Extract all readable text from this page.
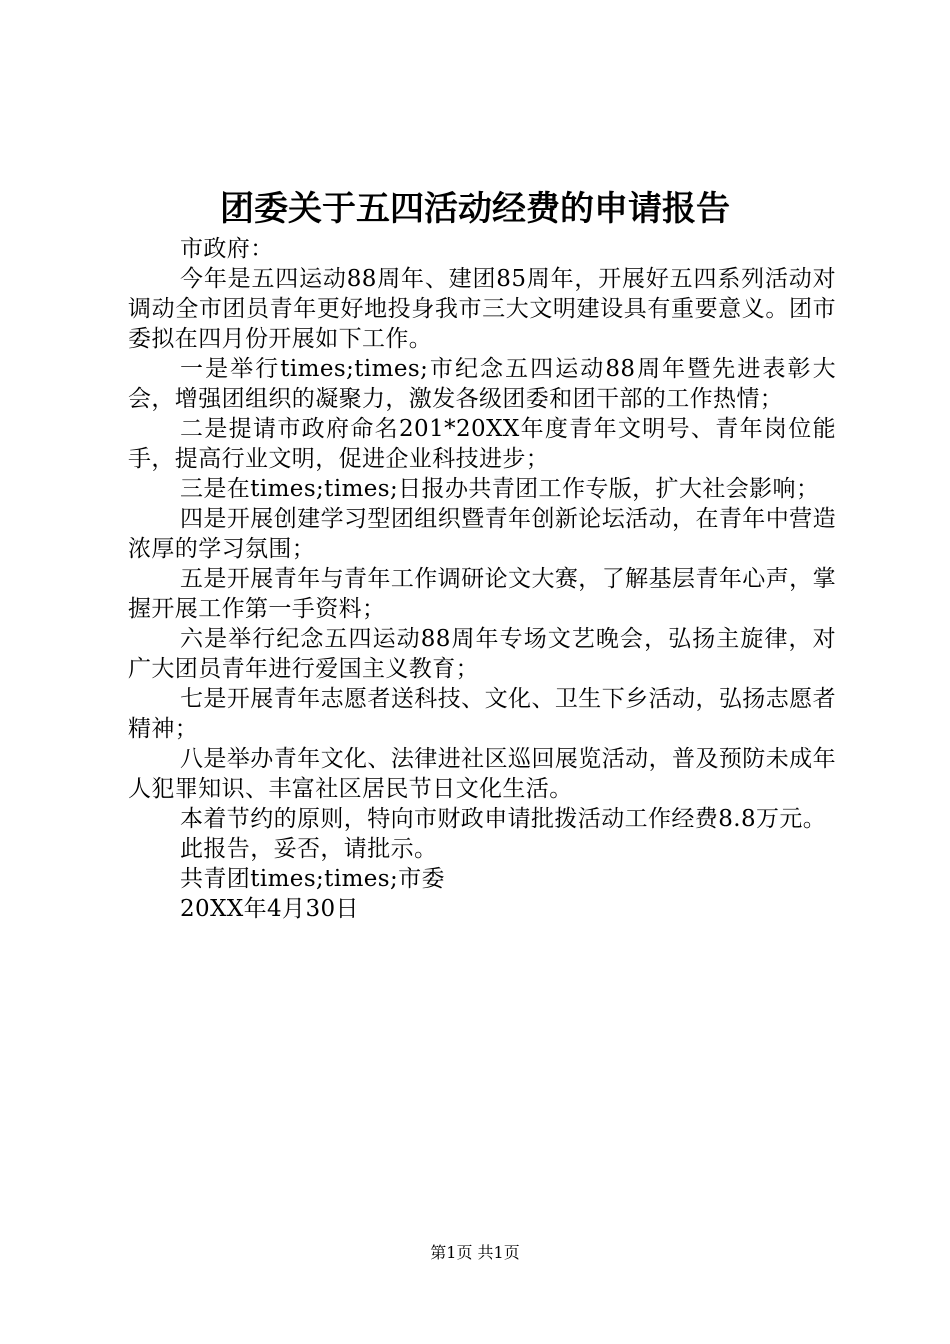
团委关于五四活动经费的申请报告

市政府：

今年是五四运动88周年、建团85周年，开展好五四系列活动对调动全市团员青年更好地投身我市三大文明建设具有重要意义。团市委拟在四月份开展如下工作。

一是举行times;times;市纪念五四运动88周年暨先进表彰大会，增强团组织的凝聚力，激发各级团委和团干部的工作热情；

二是提请市政府命名201*20XX年度青年文明号、青年岗位能手，提高行业文明，促进企业科技进步；

三是在times;times;日报办共青团工作专版，扩大社会影响；

四是开展创建学习型团组织暨青年创新论坛活动，在青年中营造浓厚的学习氛围；

五是开展青年与青年工作调研论文大赛，了解基层青年心声，掌握开展工作第一手资料；

六是举行纪念五四运动88周年专场文艺晚会，弘扬主旋律，对广大团员青年进行爱国主义教育；

七是开展青年志愿者送科技、文化、卫生下乡活动，弘扬志愿者精神；

八是举办青年文化、法律进社区巡回展览活动，普及预防未成年人犯罪知识、丰富社区居民节日文化生活。

本着节约的原则，特向市财政申请批拨活动工作经费8.8万元。

此报告，妥否，请批示。

共青团times;times;市委

20XX年4月30日

第1页 共1页
